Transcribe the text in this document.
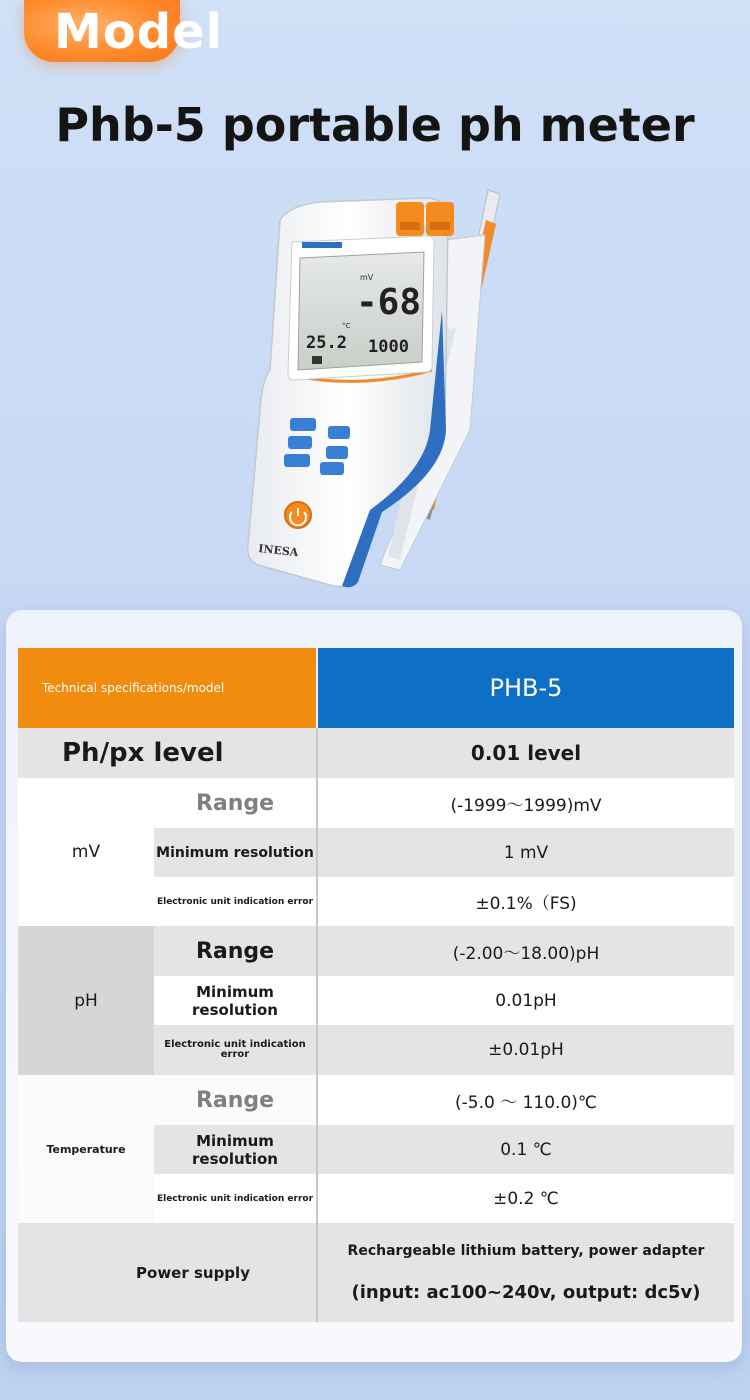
Model
Phb-5 portable ph meter
mV
-68
25.2
°C
1000
INESA
Technical specifications/model	PHB-5
Ph/px level	0.01 level
mV
Range	(-1999～1999)mV
Minimum resolution	1 mV
Electronic unit indication error	±0.1%（FS)
pH
Range	(-2.00～18.00)pH
Minimum resolution	0.01pH
Electronic unit indication error	±0.01pH
Temperature
Range	(-5.0 ～ 110.0)℃
Minimum resolution	0.1 ℃
Electronic unit indication error	±0.2 ℃
Power supply
Rechargeable lithium battery, power adapter
(input: ac100~240v, output: dc5v)
